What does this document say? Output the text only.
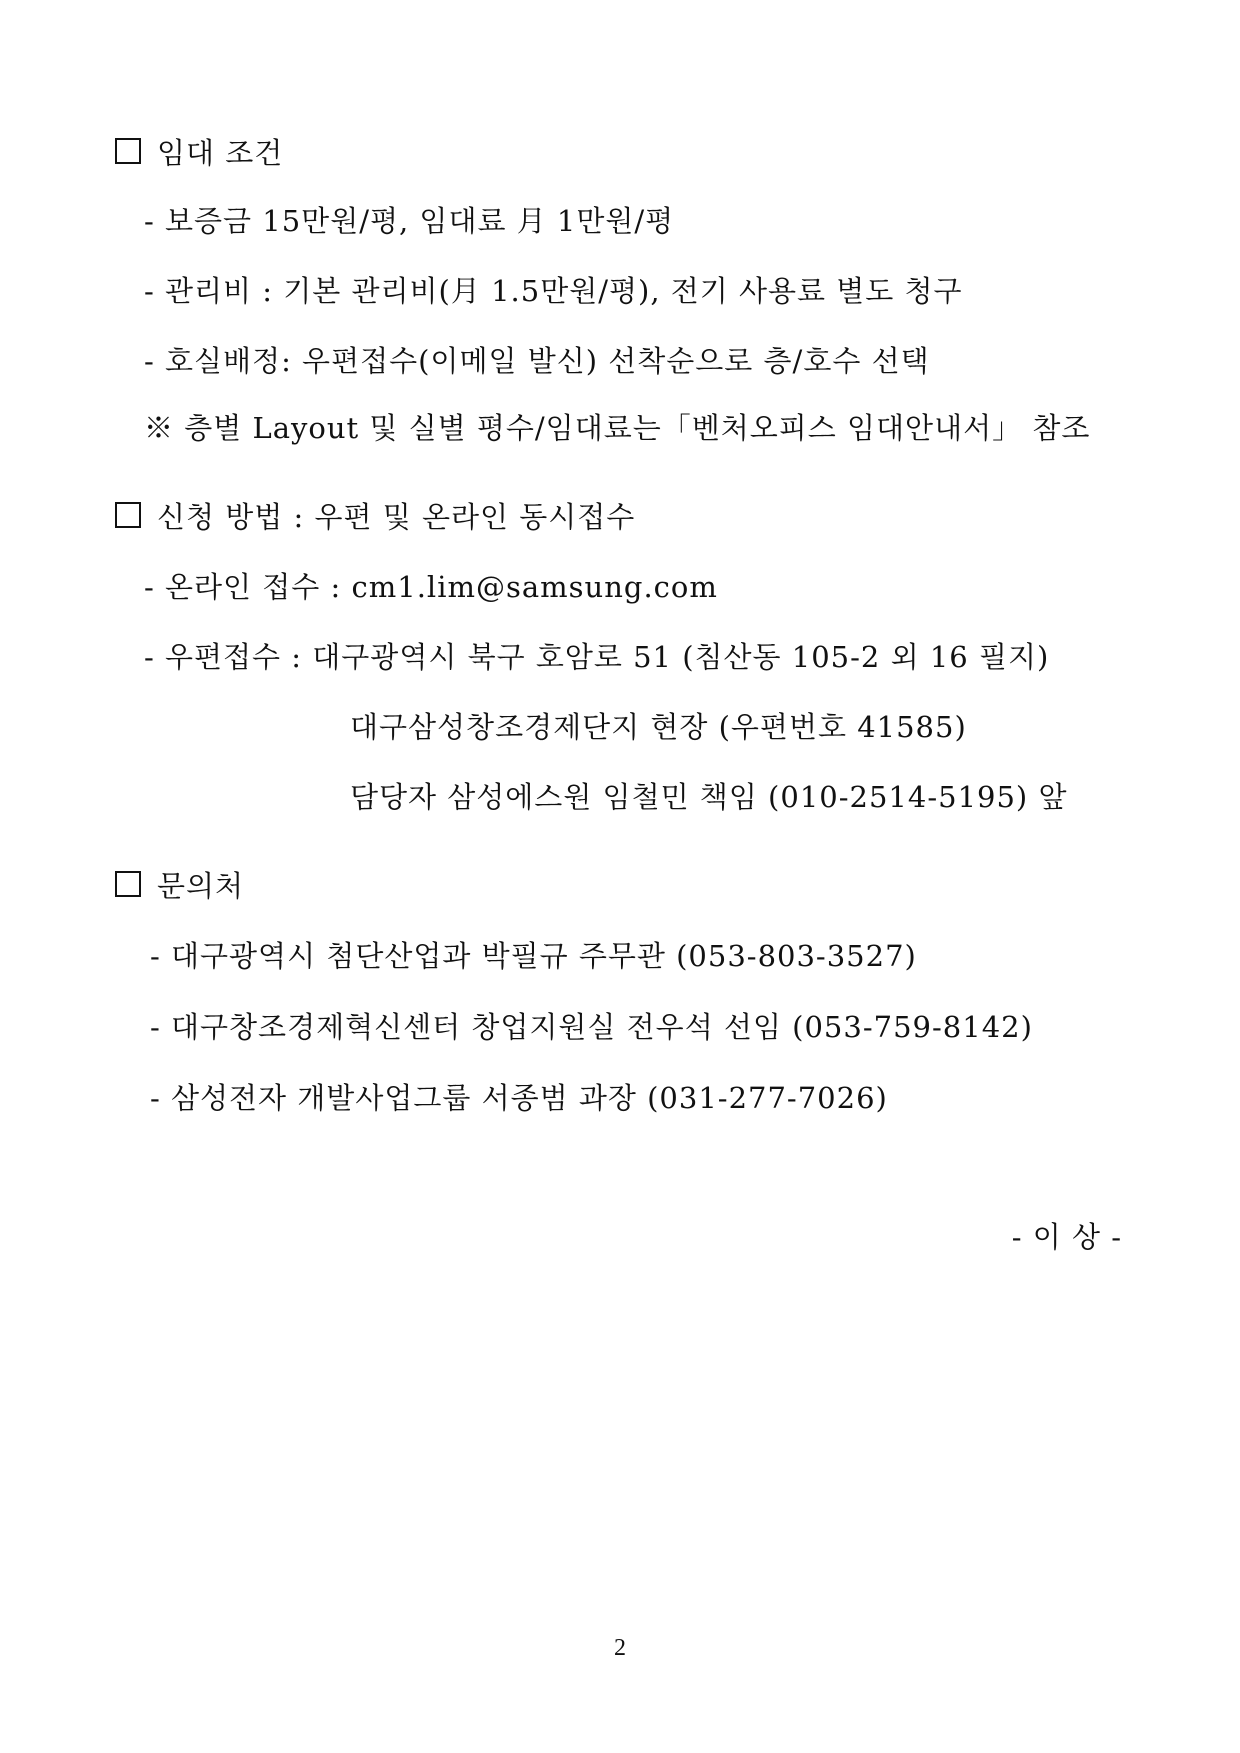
임대 조건
- 보증금 15만원/평, 임대료 月 1만원/평
- 관리비 : 기본 관리비(月 1.5만원/평), 전기 사용료 별도 청구
- 호실배정: 우편접수(이메일 발신) 선착순으로 층/호수 선택
※ 층별 Layout 및 실별 평수/임대료는「벤처오피스 임대안내서」 참조
신청 방법 : 우편 및 온라인 동시접수
- 온라인 접수 : cm1.lim@samsung.com
- 우편접수 : 대구광역시 북구 호암로 51 (침산동 105-2 외 16 필지)
대구삼성창조경제단지 현장 (우편번호 41585)
담당자 삼성에스원 임철민 책임 (010-2514-5195) 앞
문의처
- 대구광역시 첨단산업과 박필규 주무관 (053-803-3527)
- 대구창조경제혁신센터 창업지원실 전우석 선임 (053-759-8142)
- 삼성전자 개발사업그룹 서종범 과장 (031-277-7026)
- 이 상 -
2
